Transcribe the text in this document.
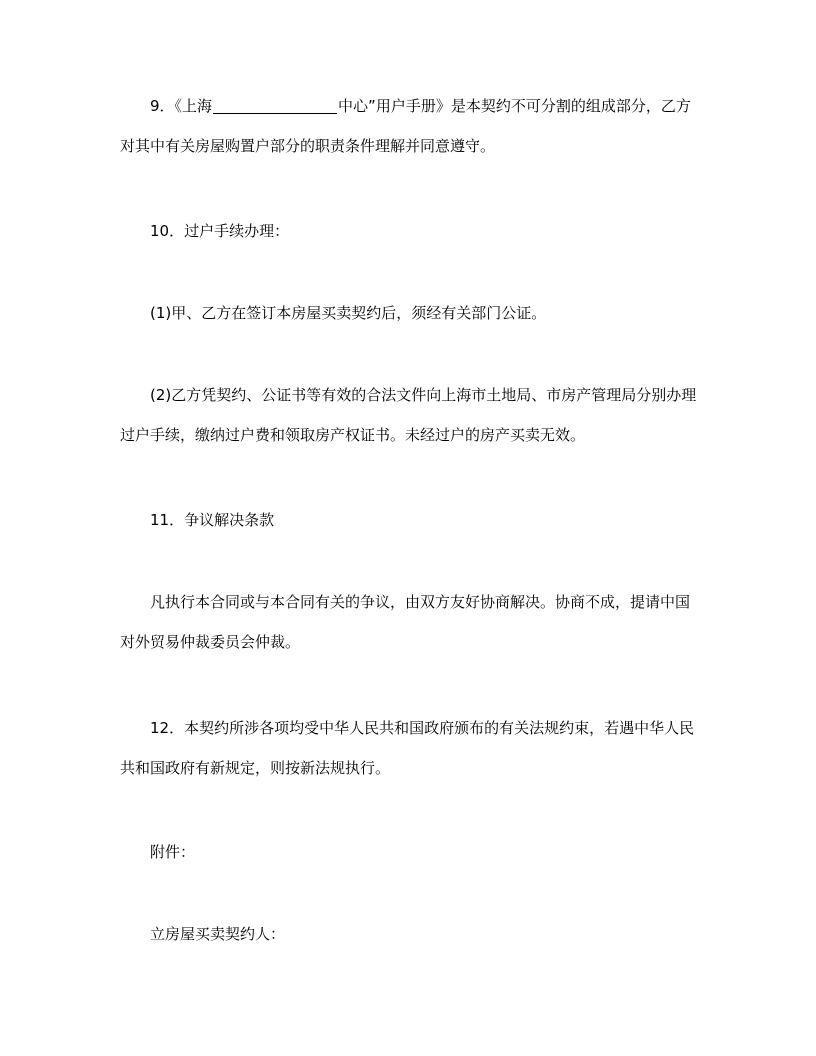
9．《上海	中心”用户手册》是本契约不可分割的组成部分，乙方对其中有关房屋购置户部分的职责条件理解并同意遵守。

10．过户手续办理：

(1)甲、乙方在签订本房屋买卖契约后，须经有关部门公证。

(2)乙方凭契约、公证书等有效的合法文件向上海市土地局、市房产管理局分别办理过户手续，缴纳过户费和领取房产权证书。未经过户的房产买卖无效。

11．争议解决条款

凡执行本合同或与本合同有关的争议，由双方友好协商解决。协商不成，提请中国对外贸易仲裁委员会仲裁。

12．本契约所涉各项均受中华人民共和国政府颁布的有关法规约束，若遇中华人民共和国政府有新规定，则按新法规执行。

附件：

立房屋买卖契约人：
